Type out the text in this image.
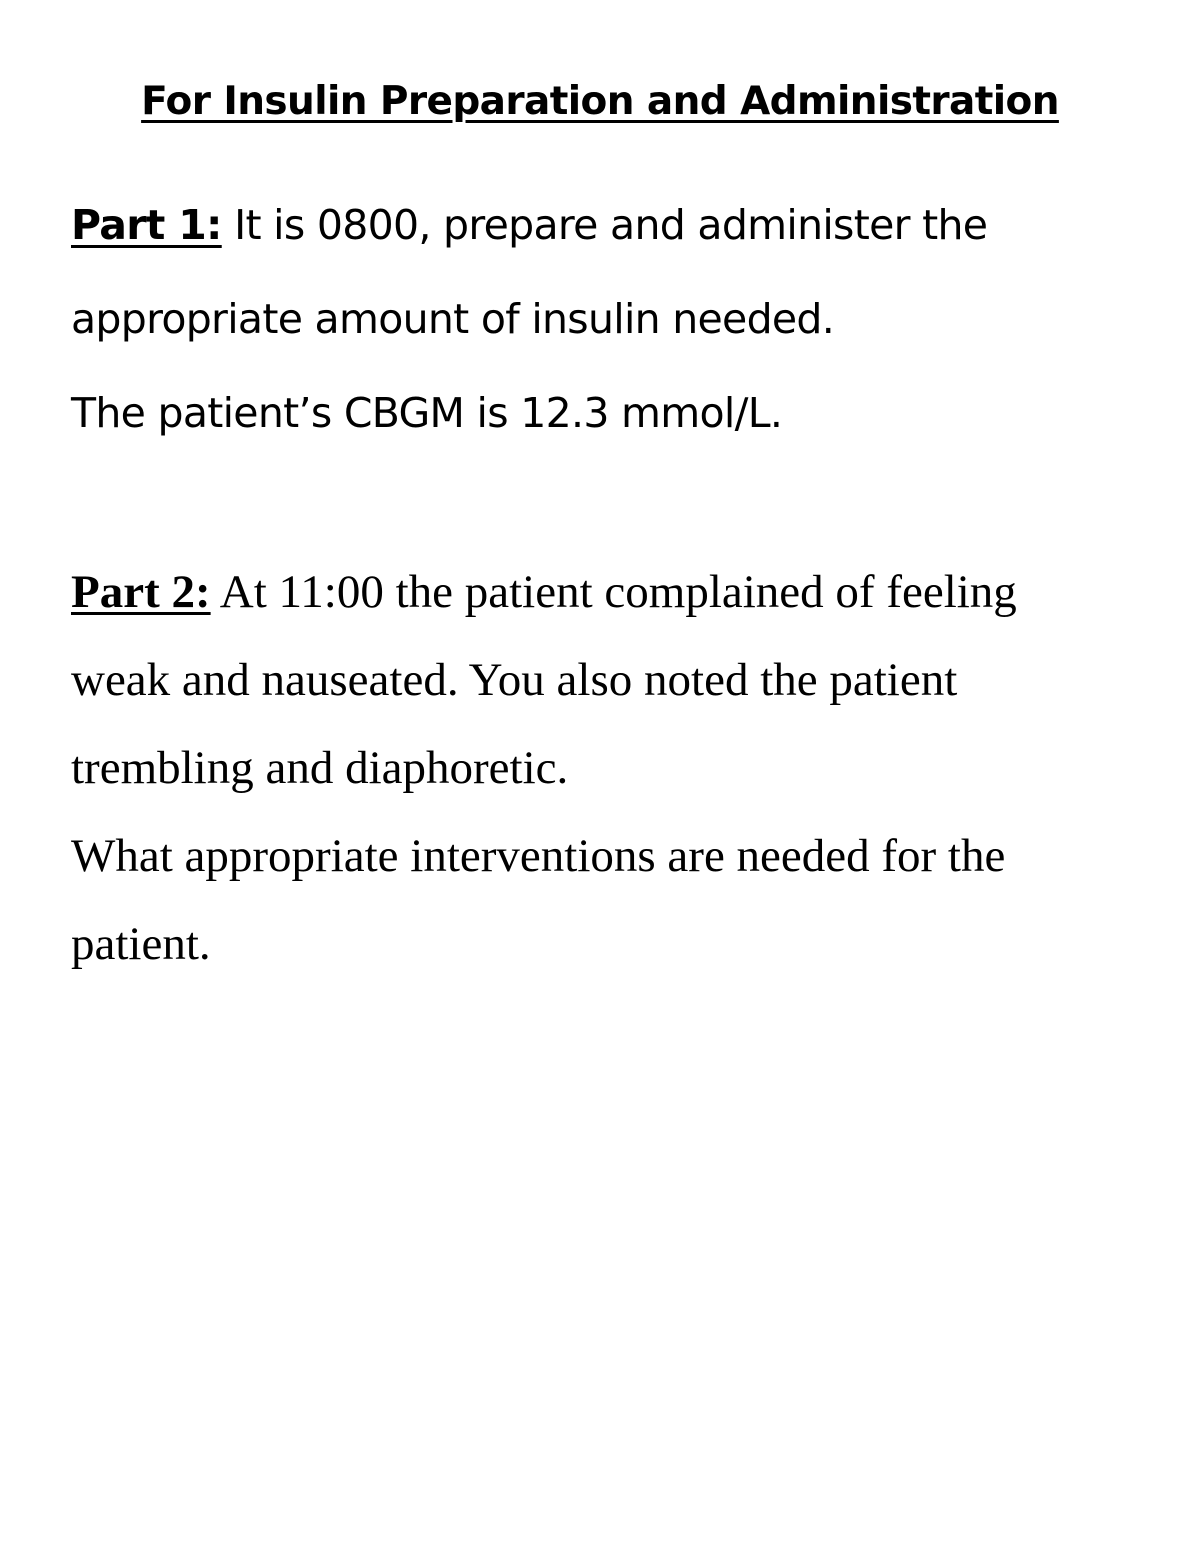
For Insulin Preparation and Administration
Part 1: It is 0800, prepare and administer the
appropriate amount of insulin needed.
The patient’s CBGM is 12.3 mmol/L.
Part 2: At 11:00 the patient complained of feeling
weak and nauseated. You also noted the patient
trembling and diaphoretic.
What appropriate interventions are needed for the
patient.
